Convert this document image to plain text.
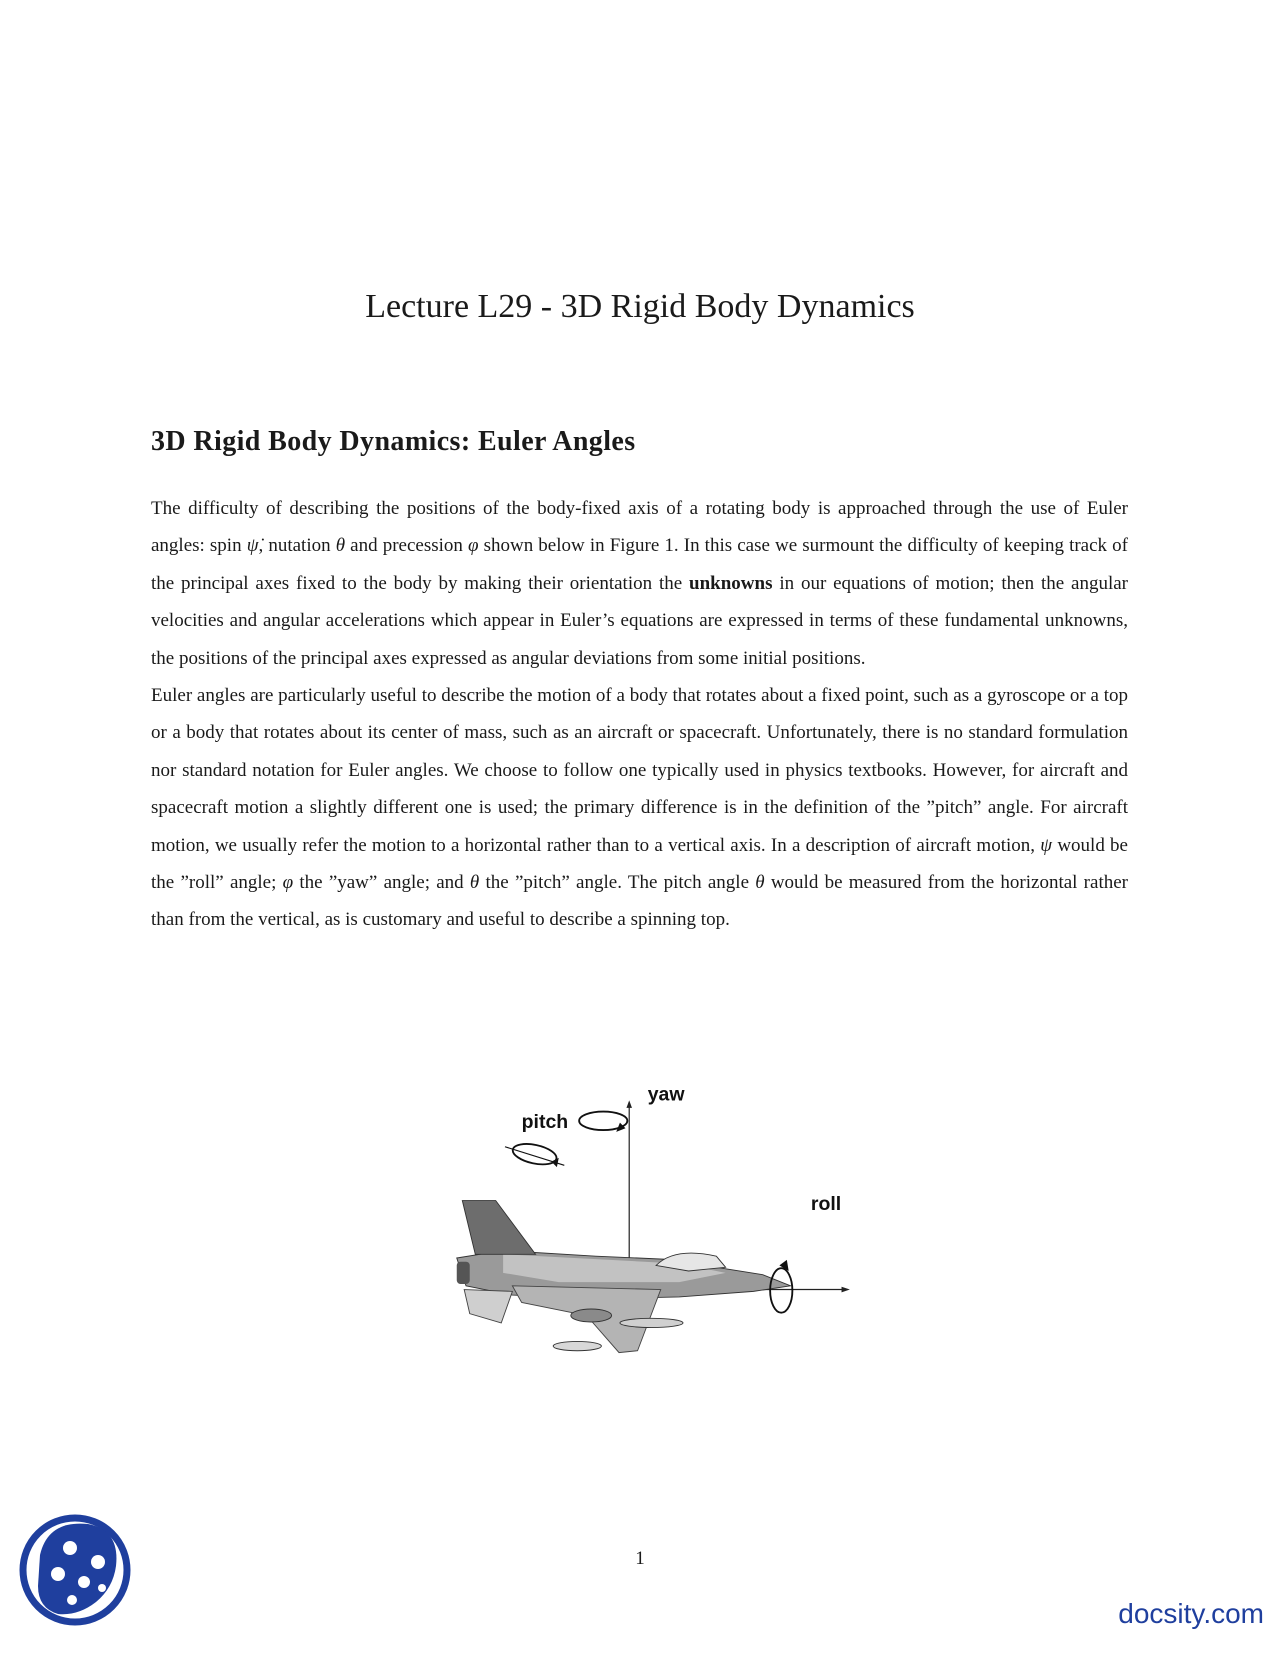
Lecture L29 - 3D Rigid Body Dynamics
3D Rigid Body Dynamics: Euler Angles

The difficulty of describing the positions of the body-fixed axis of a rotating body is approached through the use of Euler angles: spin ψ̇, nutation θ and precession φ shown below in Figure 1. In this case we surmount the difficulty of keeping track of the principal axes fixed to the body by making their orientation the unknowns in our equations of motion; then the angular velocities and angular accelerations which appear in Euler’s equations are expressed in terms of these fundamental unknowns, the positions of the principal axes expressed as angular deviations from some initial positions.

Euler angles are particularly useful to describe the motion of a body that rotates about a fixed point, such as a gyroscope or a top or a body that rotates about its center of mass, such as an aircraft or spacecraft. Unfortunately, there is no standard formulation nor standard notation for Euler angles. We choose to follow one typically used in physics textbooks. However, for aircraft and spacecraft motion a slightly different one is used; the primary difference is in the definition of the ”pitch” angle. For aircraft motion, we usually refer the motion to a horizontal rather than to a vertical axis. In a description of aircraft motion, ψ would be the ”roll” angle; φ the ”yaw” angle; and θ the ”pitch” angle. The pitch angle θ would be measured from the horizontal rather than from the vertical, as is customary and useful to describe a spinning top.

yaw
pitch
roll
1
docsity.com
